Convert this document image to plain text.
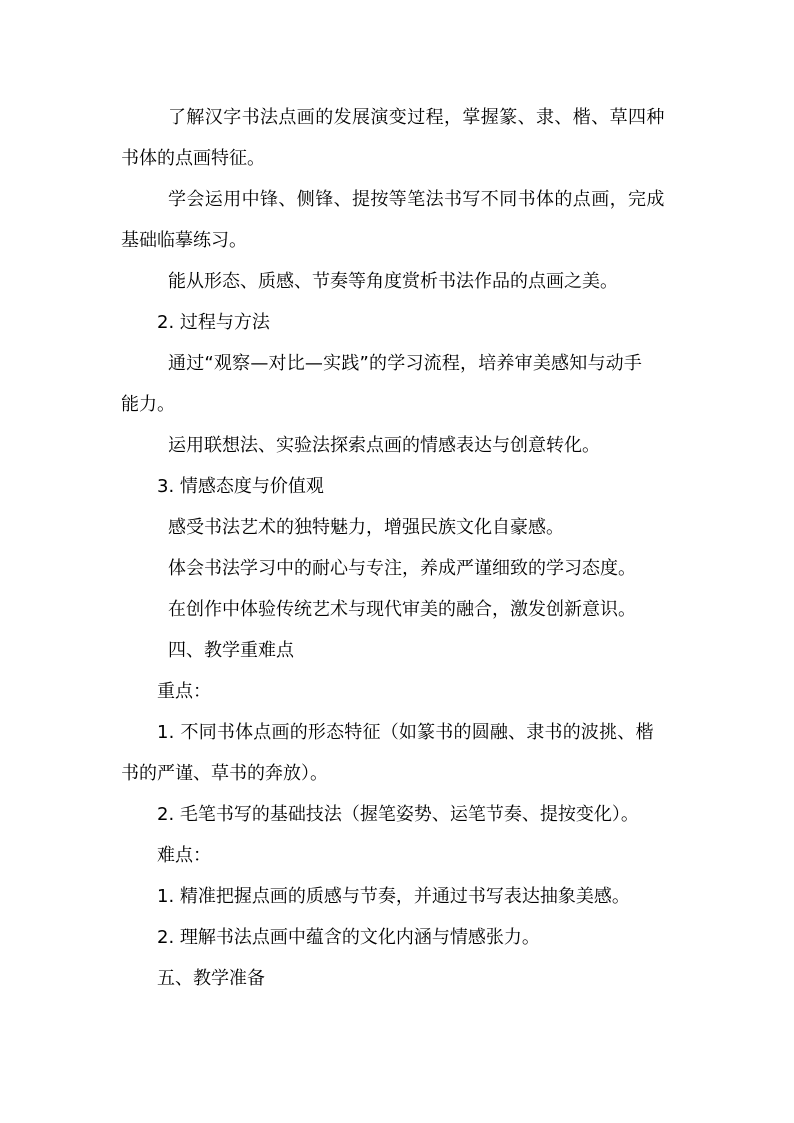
了解汉字书法点画的发展演变过程，掌握篆、隶、楷、草四种
书体的点画特征。
学会运用中锋、侧锋、提按等笔法书写不同书体的点画，完成
基础临摹练习。
能从形态、质感、节奏等角度赏析书法作品的点画之美。
2. 过程与方法
通过“观察—对比—实践”的学习流程，培养审美感知与动手
能力。
运用联想法、实验法探索点画的情感表达与创意转化。
3. 情感态度与价值观
感受书法艺术的独特魅力，增强民族文化自豪感。
体会书法学习中的耐心与专注，养成严谨细致的学习态度。
在创作中体验传统艺术与现代审美的融合，激发创新意识。
四、教学重难点
重点：
1. 不同书体点画的形态特征（如篆书的圆融、隶书的波挑、楷
书的严谨、草书的奔放）。
2. 毛笔书写的基础技法（握笔姿势、运笔节奏、提按变化）。
难点：
1. 精准把握点画的质感与节奏，并通过书写表达抽象美感。
2. 理解书法点画中蕴含的文化内涵与情感张力。
五、教学准备
